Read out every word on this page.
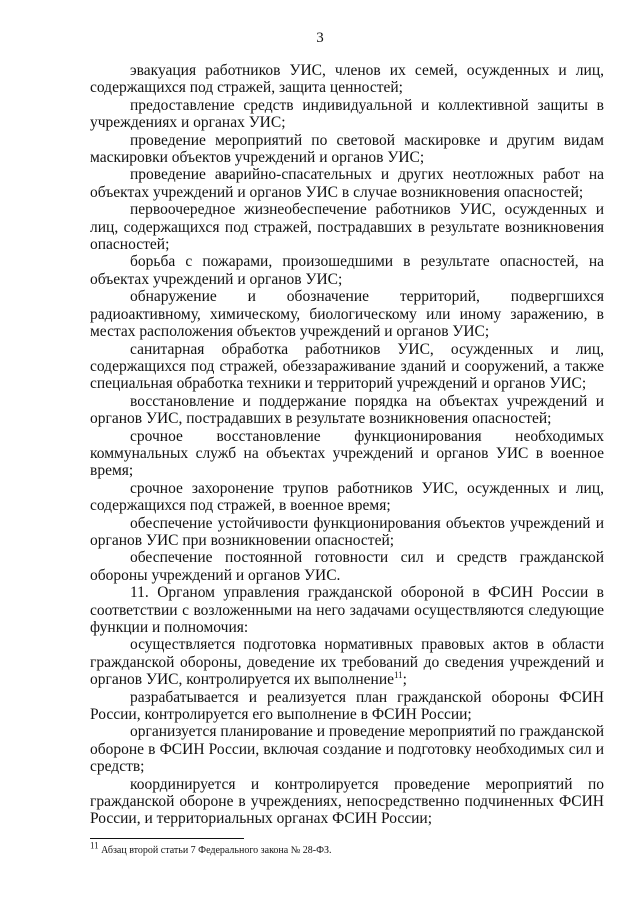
3

эвакуация работников УИС, членов их семей, осужденных и лиц, содержащихся под стражей, защита ценностей;

предоставление средств индивидуальной и коллективной защиты в учреждениях и органах УИС;

проведение мероприятий по световой маскировке и другим видам маскировки объектов учреждений и органов УИС;

проведение аварийно-спасательных и других неотложных работ на объектах учреждений и органов УИС в случае возникновения опасностей;

первоочередное жизнеобеспечение работников УИС, осужденных и лиц, содержащихся под стражей, пострадавших в результате возникновения опасностей;

борьба с пожарами, произошедшими в результате опасностей, на объектах учреждений и органов УИС;

обнаружение и обозначение территорий, подвергшихся радиоактивному, химическому, биологическому или иному заражению, в местах расположения объектов учреждений и органов УИС;

санитарная обработка работников УИС, осужденных и лиц, содержащихся под стражей, обеззараживание зданий и сооружений, а также специальная обработка техники и территорий учреждений и органов УИС;

восстановление и поддержание порядка на объектах учреждений и органов УИС, пострадавших в результате возникновения опасностей;

срочное восстановление функционирования необходимых коммунальных служб на объектах учреждений и органов УИС в военное время;

срочное захоронение трупов работников УИС, осужденных и лиц, содержащихся под стражей, в военное время;

обеспечение устойчивости функционирования объектов учреждений и органов УИС при возникновении опасностей;

обеспечение постоянной готовности сил и средств гражданской обороны учреждений и органов УИС.

11. Органом управления гражданской обороной в ФСИН России в соответствии с возложенными на него задачами осуществляются следующие функции и полномочия:

осуществляется подготовка нормативных правовых актов в области гражданской обороны, доведение их требований до сведения учреждений и органов УИС, контролируется их выполнение$^{11}$;

разрабатывается и реализуется план гражданской обороны ФСИН России, контролируется его выполнение в ФСИН России;

организуется планирование и проведение мероприятий по гражданской обороне в ФСИН России, включая создание и подготовку необходимых сил и средств;

координируется и контролируется проведение мероприятий по гражданской обороне в учреждениях, непосредственно подчиненных ФСИН России, и территориальных органах ФСИН России;

$^{11}$ Абзац второй статьи 7 Федерального закона № 28-ФЗ.
